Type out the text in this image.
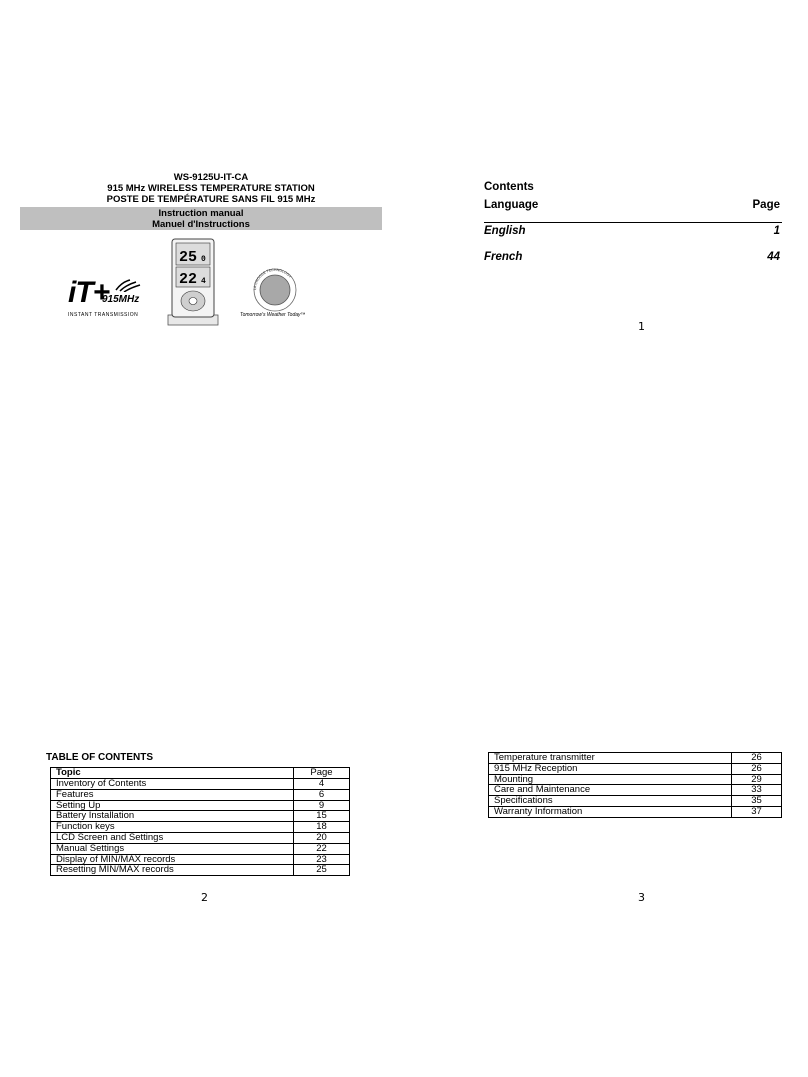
WS-9125U-IT-CA
915 MHz WIRELESS TEMPERATURE STATION
POSTE DE TEMPÉRATURE SANS FIL 915 MHz
Instruction manual
Manuel d'Instructions
iT+
915MHz
INSTANT TRANSMISSION
25 0
22 4
LA CROSSE TECHNOLOGY
Tomorrow's Weather Today™
Contents
Language	Page
English	1
French	44
1
TABLE OF CONTENTS
Topic	Page
Inventory of Contents	4
Features	6
Setting Up	9
Battery Installation	15
Function keys	18
LCD Screen and Settings	20
Manual Settings	22
Display of MIN/MAX records	23
Resetting MIN/MAX records	25
Temperature transmitter	26
915 MHz Reception	26
Mounting	29
Care and Maintenance	33
Specifications	35
Warranty Information	37
2	3
